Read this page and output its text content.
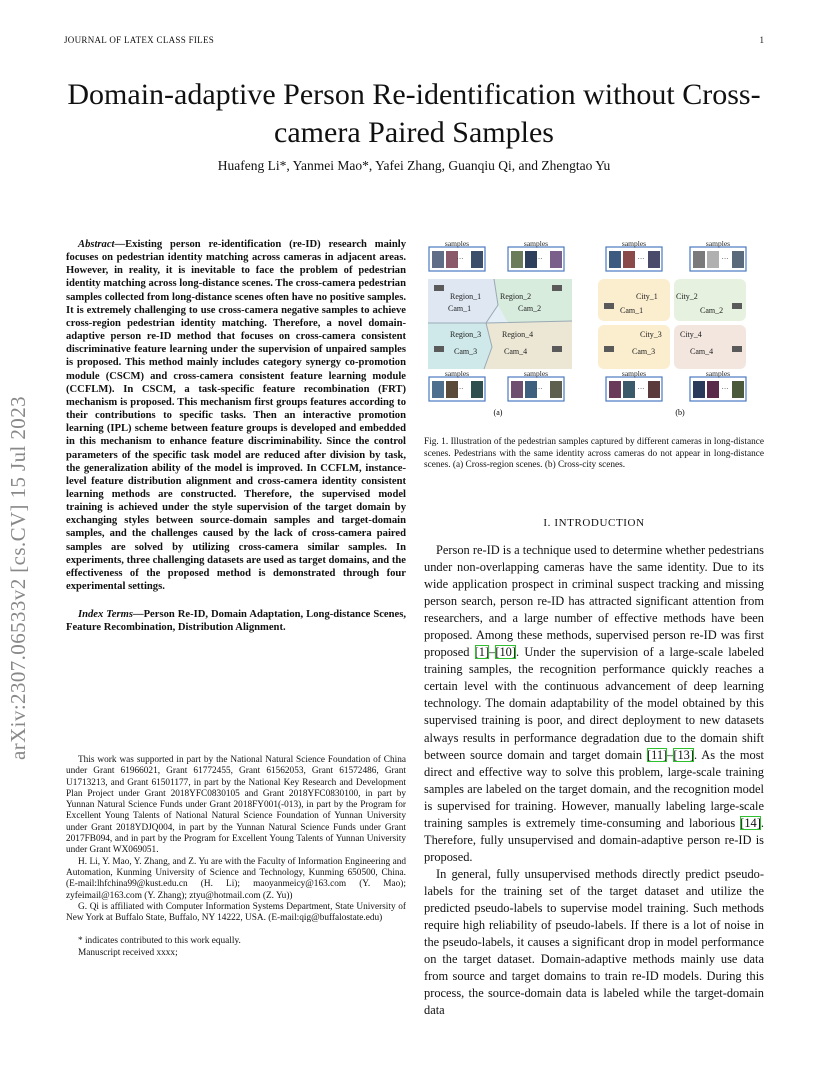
JOURNAL OF LATEX CLASS FILES	1
arXiv:2307.06533v2 [cs.CV] 15 Jul 2023
Domain-adaptive Person Re-identification without Cross-camera Paired Samples
Huafeng Li*, Yanmei Mao*, Yafei Zhang, Guanqiu Qi, and Zhengtao Yu

Abstract—Existing person re-identification (re-ID) research mainly focuses on pedestrian identity matching across cameras in adjacent areas. However, in reality, it is inevitable to face the problem of pedestrian identity matching across long-distance scenes. The cross-camera pedestrian samples collected from long-distance scenes often have no positive samples. It is extremely challenging to use cross-camera negative samples to achieve cross-region pedestrian identity matching. Therefore, a novel domain-adaptive person re-ID method that focuses on cross-camera consistent discriminative feature learning under the supervision of unpaired samples is proposed. This method mainly includes category synergy co-promotion module (CSCM) and cross-camera consistent feature learning module (CCFLM). In CSCM, a task-specific feature recombination (FRT) mechanism is proposed. This mechanism first groups features according to their contributions to specific tasks. Then an interactive promotion learning (IPL) scheme between feature groups is developed and embedded in this mechanism to enhance feature discriminability. Since the control parameters of the specific task model are reduced after division by task, the generalization ability of the model is improved. In CCFLM, instance-level feature distribution alignment and cross-camera identity consistent learning methods are constructed. Therefore, the supervised model training is achieved under the style supervision of the target domain by exchanging styles between source-domain samples and target-domain samples, and the challenges caused by the lack of cross-camera paired samples are solved by utilizing cross-camera similar samples. In experiments, three challenging datasets are used as target domains, and the effectiveness of the proposed method is demonstrated through four experimental settings.

Index Terms—Person Re-ID, Domain Adaptation, Long-distance Scenes, Feature Recombination, Distribution Alignment.

This work was supported in part by the National Natural Science Foundation of China under Grant 61966021, Grant 61772455, Grant 61562053, Grant 61572486, Grant U1713213, and Grant 61501177, in part by the National Key Research and Development Plan Project under Grant 2018YFC0830105 and Grant 2018YFC0830100, in part by Yunnan Natural Science Funds under Grant 2018FY001(-013), in part by the Program for Excellent Young Talents of National Natural Science Foundation of Yunnan University under Grant 2018YDJQ004, in part by the Yunnan Natural Science Funds under Grant 2017FB094, and in part by the Program for Excellent Young Talents of Yunnan University under Grant WX069051.

H. Li, Y. Mao, Y. Zhang, and Z. Yu are with the Faculty of Information Engineering and Automation, Kunming University of Science and Technology, Kunming 650500, China. (E-mail:lhfchina99@kust.edu.cn (H. Li); maoyanmeicy@163.com (Y. Mao); zyfeimail@163.com (Y. Zhang); ztyu@hotmail.com (Z. Yu))

G. Qi is affiliated with Computer Information Systems Department, State University of New York at Buffalo State, Buffalo, NY 14222, USA. (E-mail:qig@buffalostate.edu)

* indicates contributed to this work equally.

Manuscript received xxxx;

···	···
···	···
Region_1 Region_2
Region_3	Region_4
Cam_1	Cam_2
Cam_3	Cam_4
samples	samples
samples	samples
(a)
···	···
···	···
City_1 City_2
City_3 City_4
Cam_1	Cam_2
Cam_3	Cam_4
samples	samples
samples	samples
(b)
Fig. 1. Illustration of the pedestrian samples captured by different cameras in long-distance scenes. Pedestrians with the same identity across cameras do not appear in long-distance scenes. (a) Cross-region scenes. (b) Cross-city scenes.
I. INTRODUCTION

Person re-ID is a technique used to determine whether pedestrians under non-overlapping cameras have the same identity. Due to its wide application prospect in criminal suspect tracking and missing person search, person re-ID has attracted significant attention from researchers, and a large number of effective methods have been proposed. Among these methods, supervised person re-ID was first proposed [1]–[10]. Under the supervision of a large-scale labeled training samples, the recognition performance quickly reaches a certain level with the continuous advancement of deep learning technology. The domain adaptability of the model obtained by this supervised training is poor, and direct deployment to new datasets always results in performance degradation due to the domain shift between source domain and target domain [11]–[13]. As the most direct and effective way to solve this problem, large-scale training samples are labeled on the target domain, and the recognition model is supervised for training. However, manually labeling large-scale training samples is extremely time-consuming and laborious [14]. Therefore, fully unsupervised and domain-adaptive person re-ID is proposed.

In general, fully unsupervised methods directly predict pseudo-labels for the training set of the target dataset and utilize the predicted pseudo-labels to supervise model training. Such methods require high reliability of pseudo-labels. If there is a lot of noise in the pseudo-labels, it causes a significant drop in model performance on the target dataset. Domain-adaptive methods mainly use data from source and target domains to train re-ID models. During this process, the source-domain data is labeled while the target-domain data
